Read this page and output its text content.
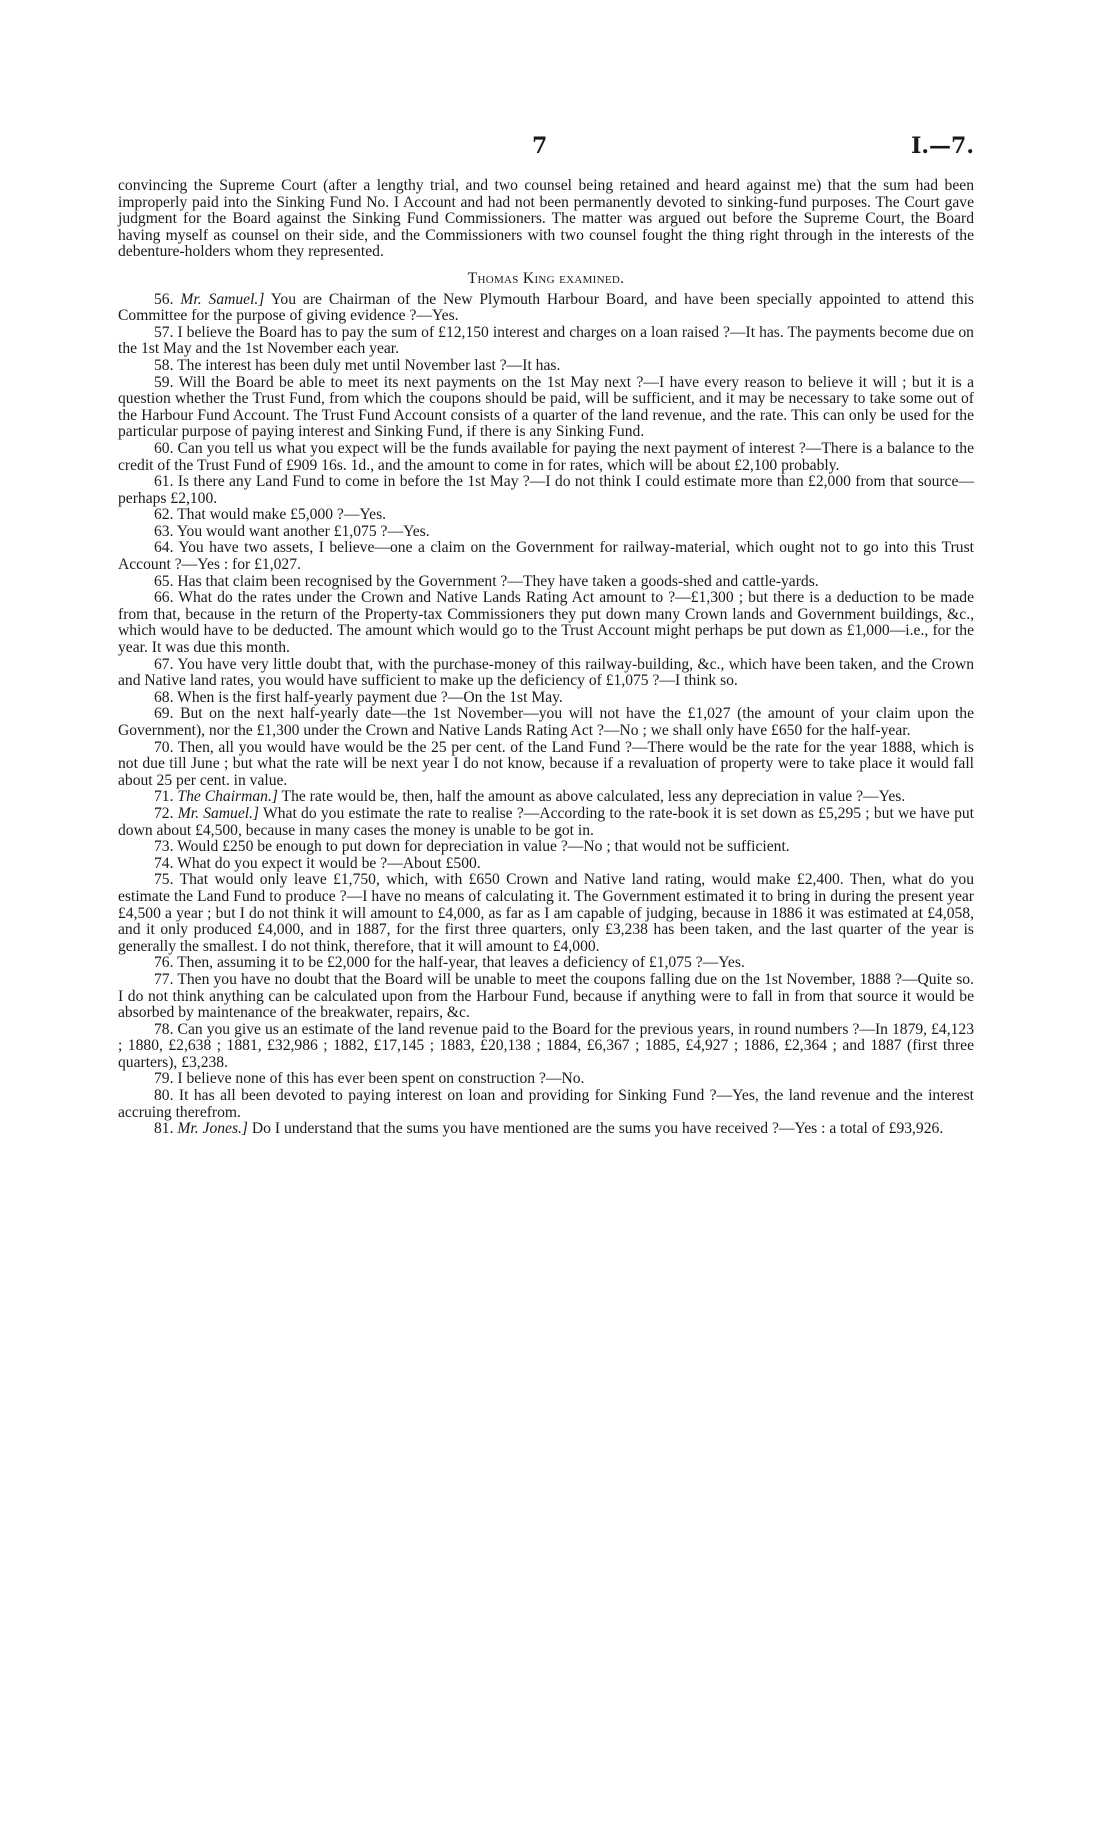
7	I.—7.

convincing the Supreme Court (after a lengthy trial, and two counsel being retained and heard against me) that the sum had been improperly paid into the Sinking Fund No. I Account and had not been permanently devoted to sinking-fund purposes. The Court gave judgment for the Board against the Sinking Fund Commissioners. The matter was argued out before the Supreme Court, the Board having myself as counsel on their side, and the Commissioners with two counsel fought the thing right through in the interests of the debenture-holders whom they represented.

Thomas King examined.

56. Mr. Samuel.] You are Chairman of the New Plymouth Harbour Board, and have been specially appointed to attend this Committee for the purpose of giving evidence ?—Yes.

57. I believe the Board has to pay the sum of £12,150 interest and charges on a loan raised ?—It has. The payments become due on the 1st May and the 1st November each year.

58. The interest has been duly met until November last ?—It has.

59. Will the Board be able to meet its next payments on the 1st May next ?—I have every reason to believe it will ; but it is a question whether the Trust Fund, from which the coupons should be paid, will be sufficient, and it may be necessary to take some out of the Harbour Fund Account. The Trust Fund Account consists of a quarter of the land revenue, and the rate. This can only be used for the particular purpose of paying interest and Sinking Fund, if there is any Sinking Fund.

60. Can you tell us what you expect will be the funds available for paying the next payment of interest ?—There is a balance to the credit of the Trust Fund of £909 16s. 1d., and the amount to come in for rates, which will be about £2,100 probably.

61. Is there any Land Fund to come in before the 1st May ?—I do not think I could estimate more than £2,000 from that source—perhaps £2,100.

62. That would make £5,000 ?—Yes.

63. You would want another £1,075 ?—Yes.

64. You have two assets, I believe—one a claim on the Government for railway-material, which ought not to go into this Trust Account ?—Yes : for £1,027.

65. Has that claim been recognised by the Government ?—They have taken a goods-shed and cattle-yards.

66. What do the rates under the Crown and Native Lands Rating Act amount to ?—£1,300 ; but there is a deduction to be made from that, because in the return of the Property-tax Commissioners they put down many Crown lands and Government buildings, &c., which would have to be deducted. The amount which would go to the Trust Account might perhaps be put down as £1,000—i.e., for the year. It was due this month.

67. You have very little doubt that, with the purchase-money of this railway-building, &c., which have been taken, and the Crown and Native land rates, you would have sufficient to make up the deficiency of £1,075 ?—I think so.

68. When is the first half-yearly payment due ?—On the 1st May.

69. But on the next half-yearly date—the 1st November—you will not have the £1,027 (the amount of your claim upon the Government), nor the £1,300 under the Crown and Native Lands Rating Act ?—No ; we shall only have £650 for the half-year.

70. Then, all you would have would be the 25 per cent. of the Land Fund ?—There would be the rate for the year 1888, which is not due till June ; but what the rate will be next year I do not know, because if a revaluation of property were to take place it would fall about 25 per cent. in value.

71. The Chairman.] The rate would be, then, half the amount as above calculated, less any depreciation in value ?—Yes.

72. Mr. Samuel.] What do you estimate the rate to realise ?—According to the rate-book it is set down as £5,295 ; but we have put down about £4,500, because in many cases the money is unable to be got in.

73. Would £250 be enough to put down for depreciation in value ?—No ; that would not be sufficient.

74. What do you expect it would be ?—About £500.

75. That would only leave £1,750, which, with £650 Crown and Native land rating, would make £2,400. Then, what do you estimate the Land Fund to produce ?—I have no means of calculating it. The Government estimated it to bring in during the present year £4,500 a year ; but I do not think it will amount to £4,000, as far as I am capable of judging, because in 1886 it was estimated at £4,058, and it only produced £4,000, and in 1887, for the first three quarters, only £3,238 has been taken, and the last quarter of the year is generally the smallest. I do not think, therefore, that it will amount to £4,000.

76. Then, assuming it to be £2,000 for the half-year, that leaves a deficiency of £1,075 ?—Yes.

77. Then you have no doubt that the Board will be unable to meet the coupons falling due on the 1st November, 1888 ?—Quite so. I do not think anything can be calculated upon from the Harbour Fund, because if anything were to fall in from that source it would be absorbed by maintenance of the breakwater, repairs, &c.

78. Can you give us an estimate of the land revenue paid to the Board for the previous years, in round numbers ?—In 1879, £4,123 ; 1880, £2,638 ; 1881, £32,986 ; 1882, £17,145 ; 1883, £20,138 ; 1884, £6,367 ; 1885, £4,927 ; 1886, £2,364 ; and 1887 (first three quarters), £3,238.

79. I believe none of this has ever been spent on construction ?—No.

80. It has all been devoted to paying interest on loan and providing for Sinking Fund ?—Yes, the land revenue and the interest accruing therefrom.

81. Mr. Jones.] Do I understand that the sums you have mentioned are the sums you have received ?—Yes : a total of £93,926.
